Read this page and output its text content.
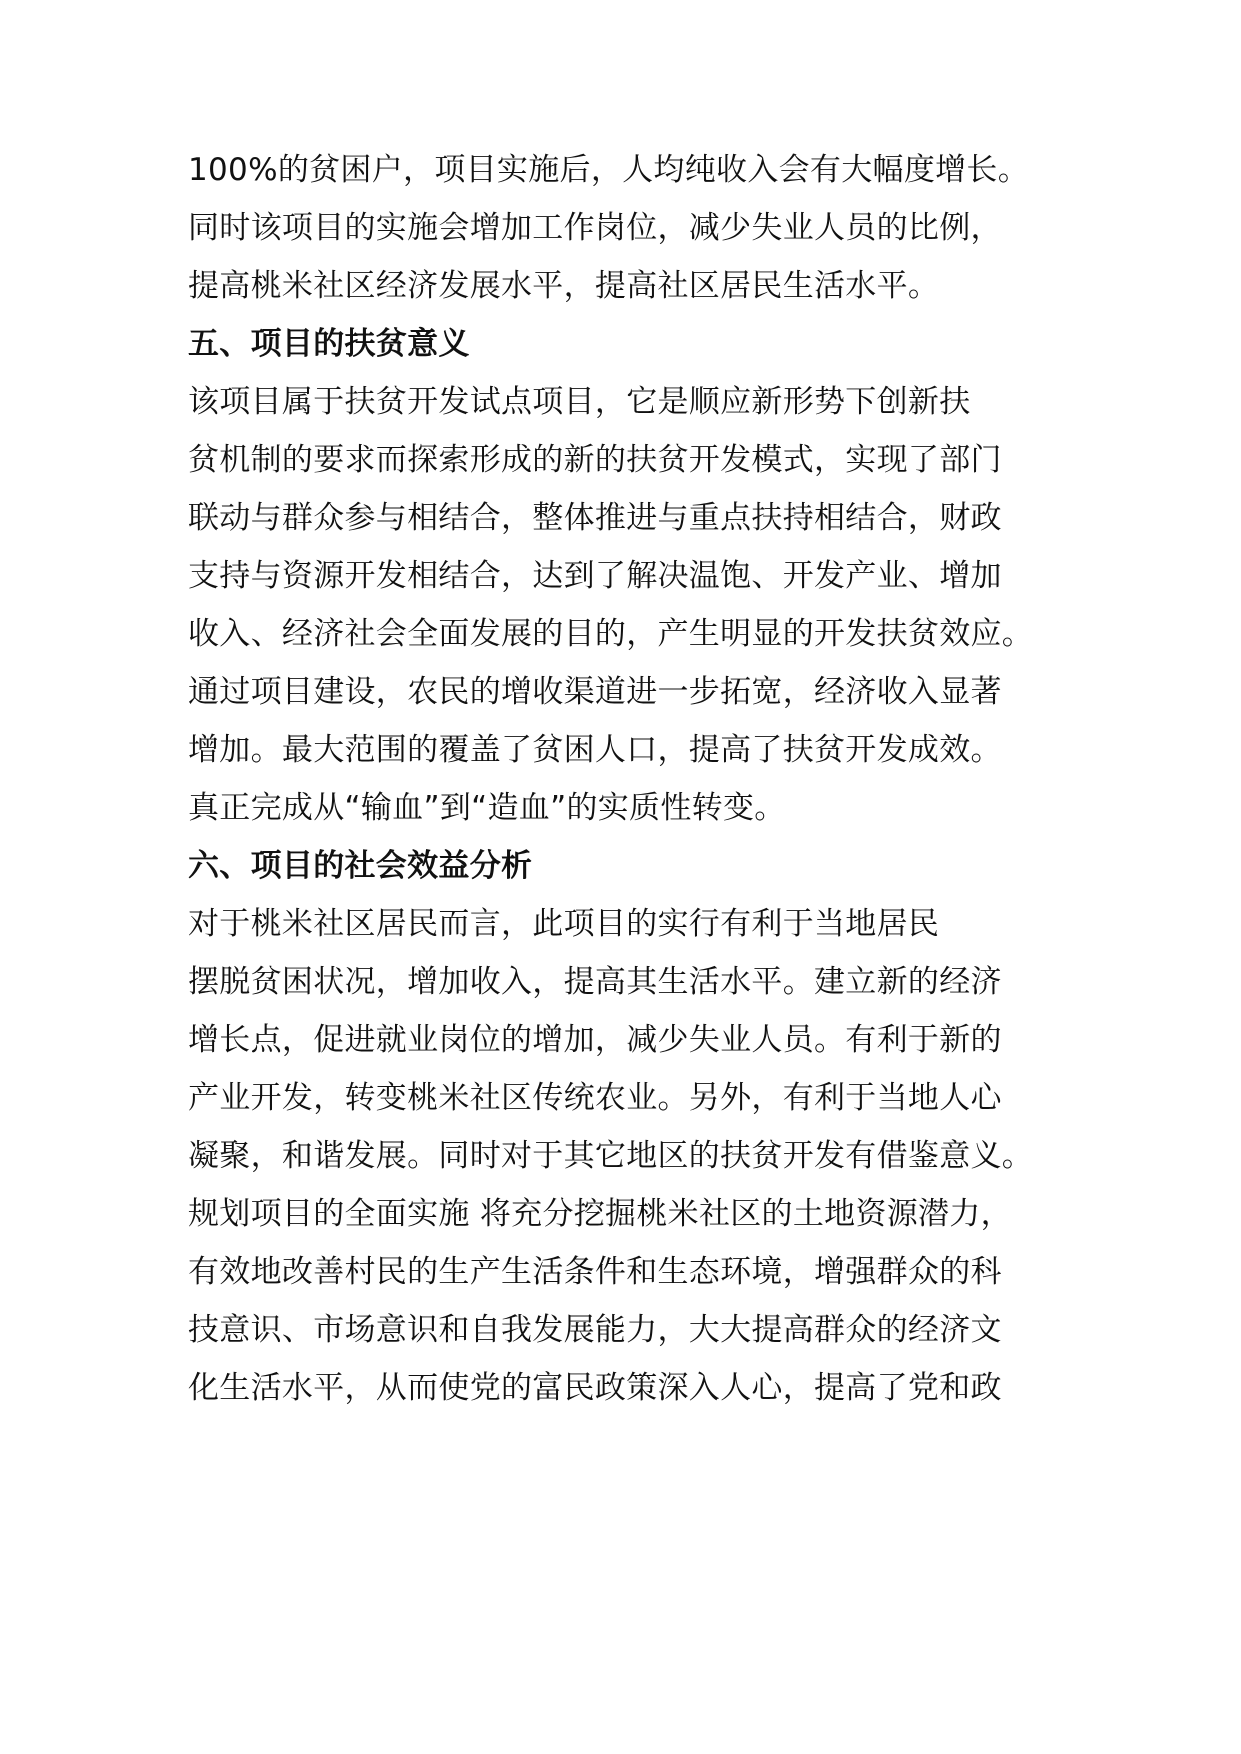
100%的贫困户，项目实施后，人均纯收入会有大幅度增长。
同时该项目的实施会增加工作岗位，减少失业人员的比例，
提高桃米社区经济发展水平，提高社区居民生活水平。
五、项目的扶贫意义
该项目属于扶贫开发试点项目，它是顺应新形势下创新扶
贫机制的要求而探索形成的新的扶贫开发模式，实现了部门
联动与群众参与相结合，整体推进与重点扶持相结合，财政
支持与资源开发相结合，达到了解决温饱、开发产业、增加
收入、经济社会全面发展的目的，产生明显的开发扶贫效应。
通过项目建设，农民的增收渠道进一步拓宽，经济收入显著
增加。最大范围的覆盖了贫困人口，提高了扶贫开发成效。
真正完成从“输血”到“造血”的实质性转变。
六、项目的社会效益分析
对于桃米社区居民而言，此项目的实行有利于当地居民
摆脱贫困状况，增加收入，提高其生活水平。建立新的经济
增长点，促进就业岗位的增加，减少失业人员。有利于新的
产业开发，转变桃米社区传统农业。另外，有利于当地人心
凝聚，和谐发展。同时对于其它地区的扶贫开发有借鉴意义。
规划项目的全面实施 将充分挖掘桃米社区的土地资源潜力，
有效地改善村民的生产生活条件和生态环境，增强群众的科
技意识、市场意识和自我发展能力，大大提高群众的经济文
化生活水平，从而使党的富民政策深入人心，提高了党和政
